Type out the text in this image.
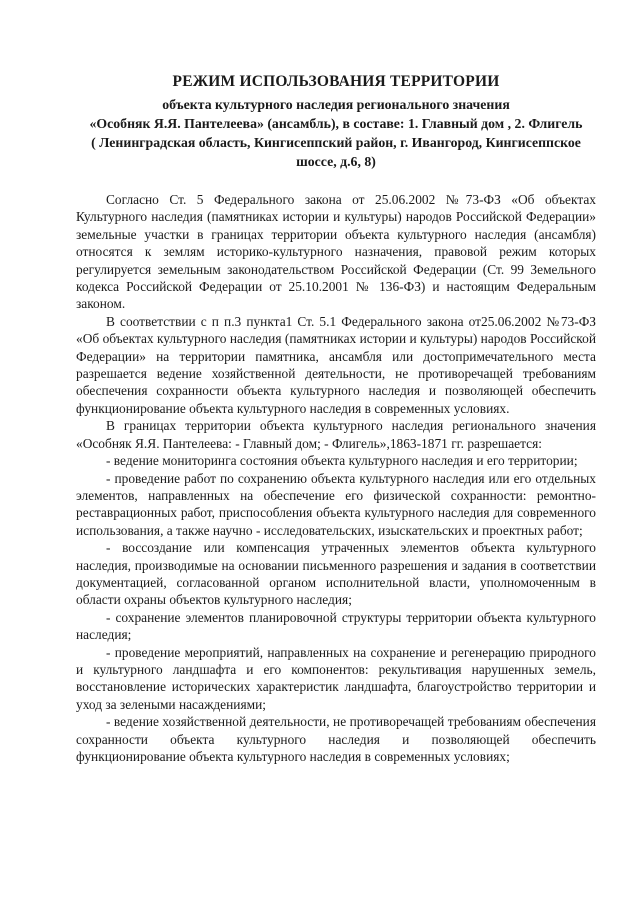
РЕЖИМ ИСПОЛЬЗОВАНИЯ ТЕРРИТОРИИ

объекта культурного наследия регионального значения

«Особняк Я.Я. Пантелеева» (ансамбль), в составе: 1. Главный дом , 2. Флигель

( Ленинградская область, Кингисеппский район, г. Ивангород, Кингисеппское

шоссе, д.6, 8)

Согласно Ст. 5 Федерального закона от 25.06.2002 №73-ФЗ «Об объектах Культурного наследия (памятниках истории и культуры) народов Российской Федерации» земельные участки в границах территории объекта культурного наследия (ансамбля) относятся к землям историко-культурного назначения, правовой режим которых регулируется земельным законодательством Российской Федерации (Ст. 99 Земельного кодекса Российской Федерации от 25.10.2001 № 136-ФЗ) и настоящим Федеральным законом.

В соответствии с п п.3 пункта1 Ст. 5.1 Федерального закона от25.06.2002 №73-ФЗ «Об объектах культурного наследия (памятниках истории и культуры) народов Российской Федерации» на территории памятника, ансамбля или достопримечательного места разрешается ведение хозяйственной деятельности, не противоречащей требованиям обеспечения сохранности объекта культурного наследия и позволяющей обеспечить функционирование объекта культурного наследия в современных условиях.

В границах территории объекта культурного наследия регионального значения «Особняк Я.Я. Пантелеева: - Главный дом; - Флигель»,1863-1871 гг. разрешается:

- ведение мониторинга состояния объекта культурного наследия и его территории;

- проведение работ по сохранению объекта культурного наследия или его отдельных элементов, направленных на обеспечение его физической сохранности: ремонтно-реставрационных работ, приспособления объекта культурного наследия для современного использования, а также научно - исследовательских, изыскательских и проектных работ;

- воссоздание или компенсация утраченных элементов объекта культурного наследия, производимые на основании письменного разрешения и задания в соответствии документацией, согласованной органом исполнительной власти, уполномоченным в области охраны объектов культурного наследия;

- сохранение элементов планировочной структуры территории объекта культурного наследия;

- проведение мероприятий, направленных на сохранение и регенерацию природного и культурного ландшафта и его компонентов: рекультивация нарушенных земель, восстановление исторических характеристик ландшафта, благоустройство территории и уход за зелеными насаждениями;

- ведение хозяйственной деятельности, не противоречащей требованиям обеспечения сохранности объекта культурного наследия и позволяющей обеспечить функционирование объекта культурного наследия в современных условиях;
